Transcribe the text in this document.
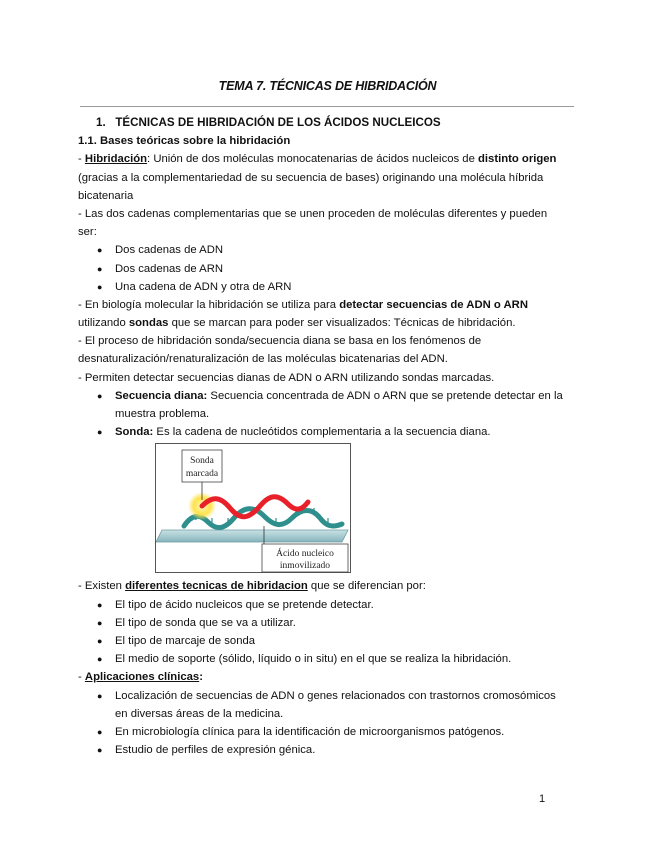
TEMA 7. TÉCNICAS DE HIBRIDACIÓN
1. TÉCNICAS DE HIBRIDACIÓN DE LOS ÁCIDOS NUCLEICOS
1.1. Bases teóricas sobre la hibridación
- Hibridación: Unión de dos moléculas monocatenarias de ácidos nucleicos de distinto origen
(gracias a la complementariedad de su secuencia de bases) originando una molécula híbrida
bicatenaria
- Las dos cadenas complementarias que se unen proceden de moléculas diferentes y pueden
ser:
● Dos cadenas de ADN
● Dos cadenas de ARN
● Una cadena de ADN y otra de ARN
- En biología molecular la hibridación se utiliza para detectar secuencias de ADN o ARN
utilizando sondas que se marcan para poder ser visualizados: Técnicas de hibridación.
- El proceso de hibridación sonda/secuencia diana se basa en los fenómenos de
desnaturalización/renaturalización de las moléculas bicatenarias del ADN.
- Permiten detectar secuencias dianas de ADN o ARN utilizando sondas marcadas.
● Secuencia diana: Secuencia concentrada de ADN o ARN que se pretende detectar en la
muestra problema.
● Sonda: Es la cadena de nucleótidos complementaria a la secuencia diana.
Sonda
marcada
Ácido nucleico
inmovilizado
- Existen diferentes tecnicas de hibridacion que se diferencian por:
● El tipo de ácido nucleicos que se pretende detectar.
● El tipo de sonda que se va a utilizar.
● El tipo de marcaje de sonda
● El medio de soporte (sólido, líquido o in situ) en el que se realiza la hibridación.
- Aplicaciones clínicas:
● Localización de secuencias de ADN o genes relacionados con trastornos cromosómicos
en diversas áreas de la medicina.
● En microbiología clínica para la identificación de microorganismos patógenos.
● Estudio de perfiles de expresión génica.
1
